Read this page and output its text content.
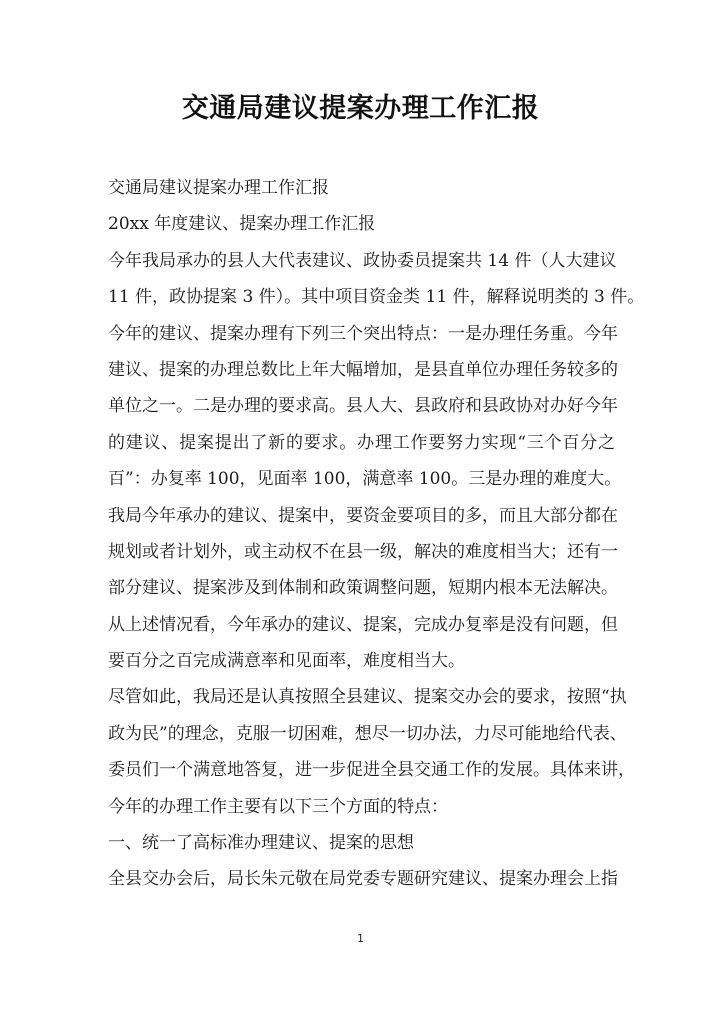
交通局建议提案办理工作汇报
交通局建议提案办理工作汇报
20xx 年度建议、提案办理工作汇报
今年我局承办的县人大代表建议、政协委员提案共 14 件（人大建议
11 件，政协提案 3 件）。其中项目资金类 11 件，解释说明类的 3 件。
今年的建议、提案办理有下列三个突出特点：一是办理任务重。今年
建议、提案的办理总数比上年大幅增加，是县直单位办理任务较多的
单位之一。二是办理的要求高。县人大、县政府和县政协对办好今年
的建议、提案提出了新的要求。办理工作要努力实现“三个百分之
百”：办复率 100，见面率 100，满意率 100。三是办理的难度大。
我局今年承办的建议、提案中，要资金要项目的多，而且大部分都在
规划或者计划外，或主动权不在县一级，解决的难度相当大；还有一
部分建议、提案涉及到体制和政策调整问题，短期内根本无法解决。
从上述情况看，今年承办的建议、提案，完成办复率是没有问题，但
要百分之百完成满意率和见面率，难度相当大。
尽管如此，我局还是认真按照全县建议、提案交办会的要求，按照“执
政为民”的理念，克服一切困难，想尽一切办法，力尽可能地给代表、
委员们一个满意地答复，进一步促进全县交通工作的发展。具体来讲，
今年的办理工作主要有以下三个方面的特点：
一、统一了高标准办理建议、提案的思想
全县交办会后，局长朱元敬在局党委专题研究建议、提案办理会上指
1
